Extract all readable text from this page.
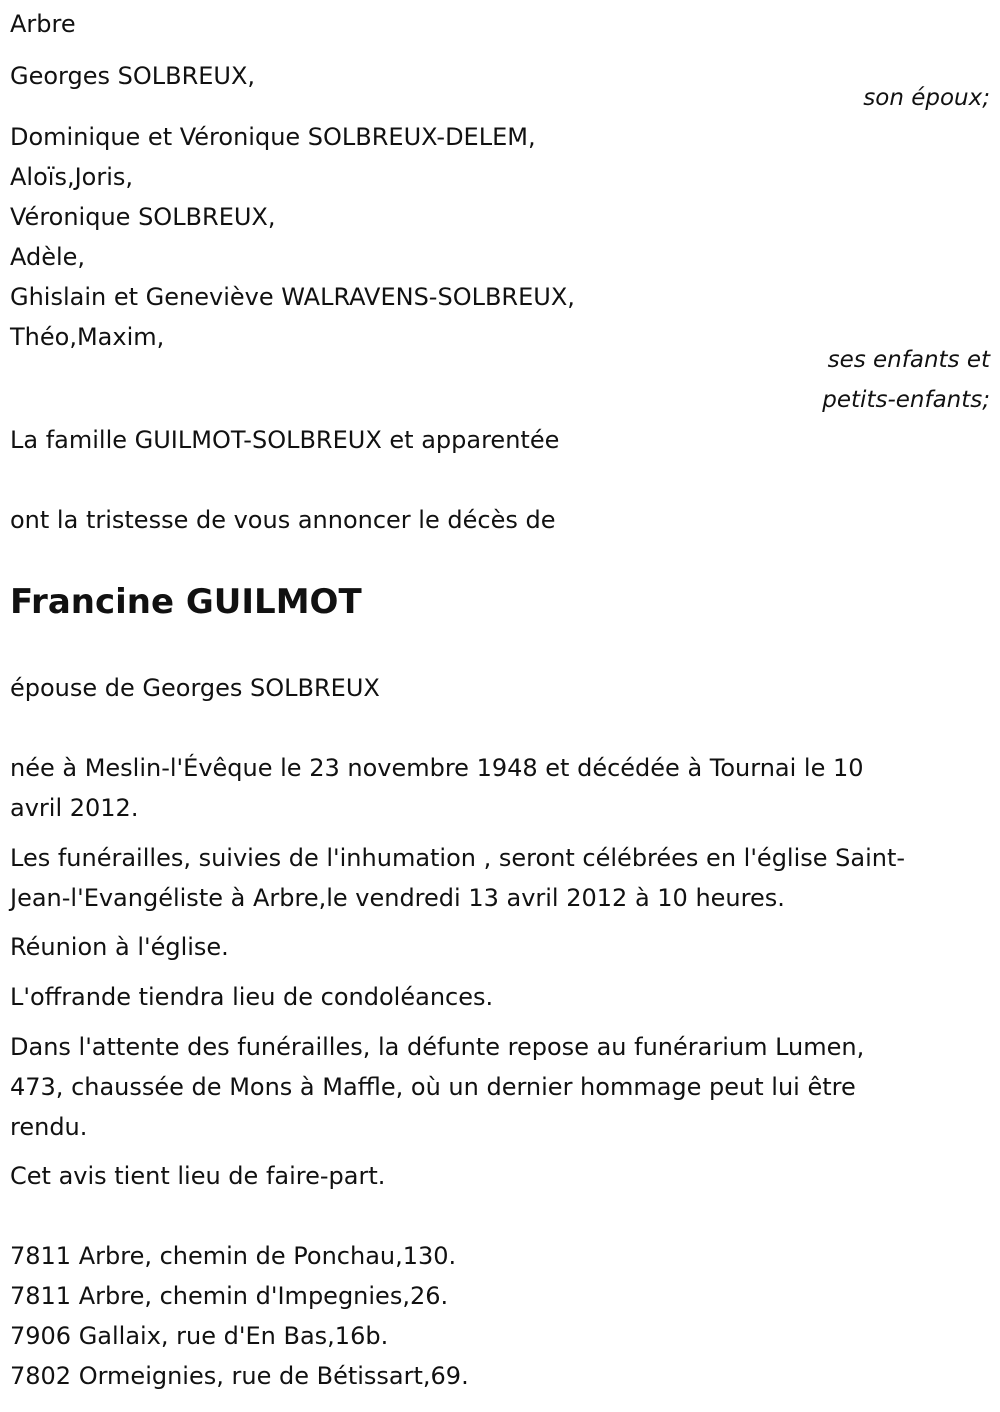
Arbre
Georges SOLBREUX,
son époux;
Dominique et Véronique SOLBREUX-DELEM,
Aloïs,Joris,
Véronique SOLBREUX,
Adèle,
Ghislain et Geneviève WALRAVENS-SOLBREUX,
Théo,Maxim,
ses enfants et
petits-enfants;
La famille GUILMOT-SOLBREUX et apparentée
ont la tristesse de vous annoncer le décès de
Francine GUILMOT
épouse de Georges SOLBREUX
née à Meslin-l'Évêque le 23 novembre 1948 et décédée à Tournai le 10
avril 2012.
Les funérailles, suivies de l'inhumation , seront célébrées en l'église Saint-
Jean-l'Evangéliste à Arbre,le vendredi 13 avril 2012 à 10 heures.
Réunion à l'église.
L'offrande tiendra lieu de condoléances.
Dans l'attente des funérailles, la défunte repose au funérarium Lumen,
473, chaussée de Mons à Maffle, où un dernier hommage peut lui être
rendu.
Cet avis tient lieu de faire-part.
7811 Arbre, chemin de Ponchau,130.
7811 Arbre, chemin d'Impegnies,26.
7906 Gallaix, rue d'En Bas,16b.
7802 Ormeignies, rue de Bétissart,69.
